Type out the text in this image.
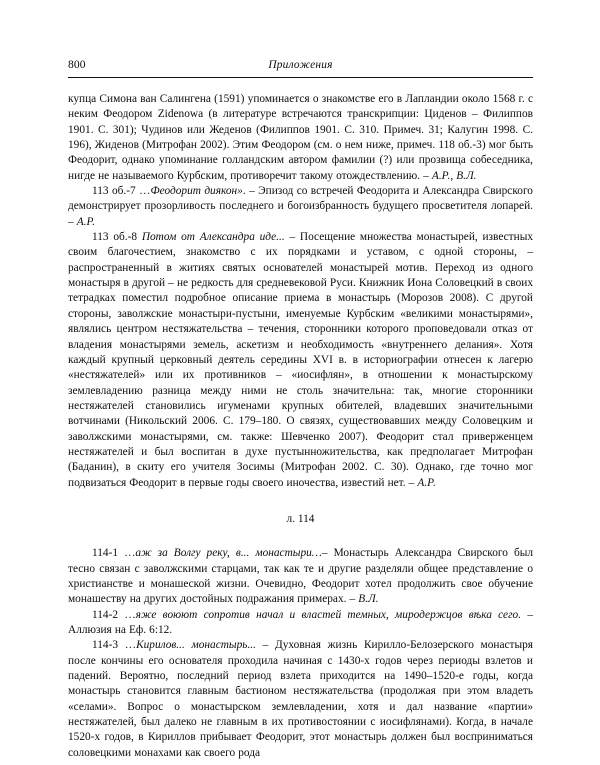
800	Приложения

купца Симона ван Салингена (1591) упоминается о знакомстве его в Лапландии около 1568 г. с неким Феодором Zidenowa (в литературе встречаются транскрипции: Циденов – Филиппов 1901. С. 301); Чудинов или Жеденов (Филиппов 1901. С. 310. Примеч. 31; Калугин 1998. С. 196), Жиденов (Митрофан 2002). Этим Феодором (см. о нем ниже, примеч. 118 об.-3) мог быть Феодорит, однако упоминание голландским автором фамилии (?) или прозвища собеседника, нигде не называемого Курбским, противоречит такому отождествлению. – А.Р., В.Л.

113 об.-7 …Феодорит диякон». – Эпизод со встречей Феодорита и Александра Свирского демонстрирует прозорливость последнего и богоизбранность будущего просветителя лопарей. – А.Р.

113 об.-8 Потом от Александра иде... – Посещение множества монастырей, известных своим благочестием, знакомство с их порядками и уставом, с одной стороны, – распространенный в житиях святых основателей монастырей мотив. Переход из одного монастыря в другой – не редкость для средневековой Руси. Книжник Иона Соловецкий в своих тетрадках поместил подробное описание приема в монастырь (Морозов 2008). С другой стороны, заволжские монастыри-пустыни, именуемые Курбским «великими монастырями», являлись центром нестяжательства – течения, сторонники которого проповедовали отказ от владения монастырями земель, аскетизм и необходимость «внутреннего делания». Хотя каждый крупный церковный деятель середины XVI в. в историографии отнесен к лагерю «нестяжателей» или их противников – «иосифлян», в отношении к монастырскому землевладению разница между ними не столь значительна: так, многие сторонники нестяжателей становились игуменами крупных обителей, владевших значительными вотчинами (Никольский 2006. С. 179–180. О связях, существовавших между Соловецким и заволжскими монастырями, см. также: Шевченко 2007). Феодорит стал приверженцем нестяжателей и был воспитан в духе пустынножительства, как предполагает Митрофан (Баданин), в скиту его учителя Зосимы (Митрофан 2002. С. 30). Однако, где точно мог подвизаться Феодорит в первые годы своего иночества, известий нет. – А.Р.

л. 114

114-1 …аж за Волгу реку, в... монастыри…– Монастырь Александра Свирского был тесно связан с заволжскими старцами, так как те и другие разделяли общее представление о христианстве и монашеской жизни. Очевидно, Феодорит хотел продолжить свое обучение монашеству на других достойных подражания примерах. – В.Л.

114-2 …яже воюют сопротив начал и властей темных, миродержцов вѣка сего. – Аллюзия на Еф. 6:12.

114-3 …Кирилов... монастырь... – Духовная жизнь Кирилло-Белозерского монастыря после кончины его основателя проходила начиная с 1430-х годов через периоды взлетов и падений. Вероятно, последний период взлета приходится на 1490–1520-е годы, когда монастырь становится главным бастионом нестяжательства (продолжая при этом владеть «селами». Вопрос о монастырском землевладении, хотя и дал название «партии» нестяжателей, был далеко не главным в их противостоянии с иосифлянами). Когда, в начале 1520-х годов, в Кириллов прибывает Феодорит, этот монастырь должен был восприниматься соловецкими монахами как своего рода
